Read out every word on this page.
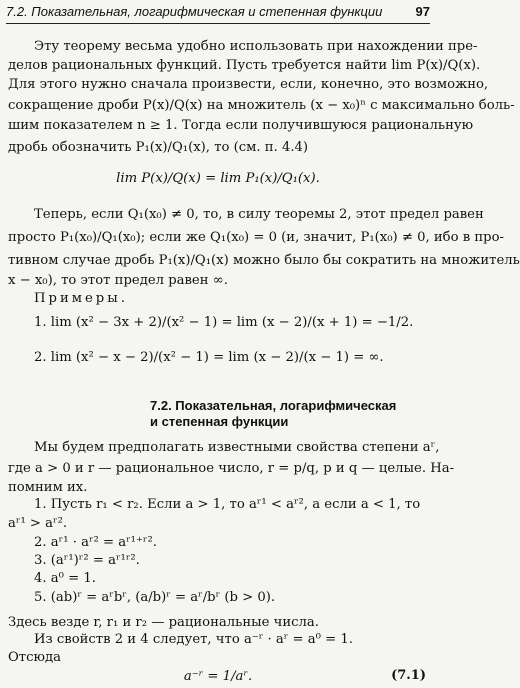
7.2. Показательная, логарифмическая и степенная функции	97
Эту теорему весьма удобно использовать при нахождении пре-
делов рациональных функций. Пусть требуется найти lim P(x)/Q(x).
Для этого нужно сначала произвести, если, конечно, это возможно,
сокращение дроби P(x)/Q(x) на множитель (x − x₀)ⁿ с максимально боль-
шим показателем n ≥ 1. Тогда если получившуюся рациональную
дробь обозначить P₁(x)/Q₁(x), то (см. п. 4.4)
lim P(x)/Q(x) = lim P₁(x)/Q₁(x).
Теперь, если Q₁(x₀) ≠ 0, то, в силу теоремы 2, этот предел равен
просто P₁(x₀)/Q₁(x₀); если же Q₁(x₀) = 0 (и, значит, P₁(x₀) ≠ 0, ибо в про-
тивном случае дробь P₁(x)/Q₁(x) можно было бы сократить на множитель
x − x₀), то этот предел равен ∞.
Примеры.
1. lim (x² − 3x + 2)/(x² − 1) = lim (x − 2)/(x + 1) = −1/2.
2. lim (x² − x − 2)/(x² − 1) = lim (x − 2)/(x − 1) = ∞.
7.2. Показательная, логарифмическая
и степенная функции
Мы будем предполагать известными свойства степени aʳ,
где a > 0 и r — рациональное число, r = p/q, p и q — целые. На-
помним их.
1. Пусть r₁ < r₂. Если a > 1, то aʳ¹ < aʳ², а если a < 1, то
aʳ¹ > aʳ².
2. aʳ¹ · aʳ² = aʳ¹⁺ʳ².
3. (aʳ¹)ʳ² = aʳ¹ʳ².
4. a⁰ = 1.
5. (ab)ʳ = aʳbʳ, (a/b)ʳ = aʳ/bʳ (b > 0).
Здесь везде r, r₁ и r₂ — рациональные числа.
Из свойств 2 и 4 следует, что a⁻ʳ · aʳ = a⁰ = 1.
Отсюда
a⁻ʳ = 1/aʳ.	(7.1)
